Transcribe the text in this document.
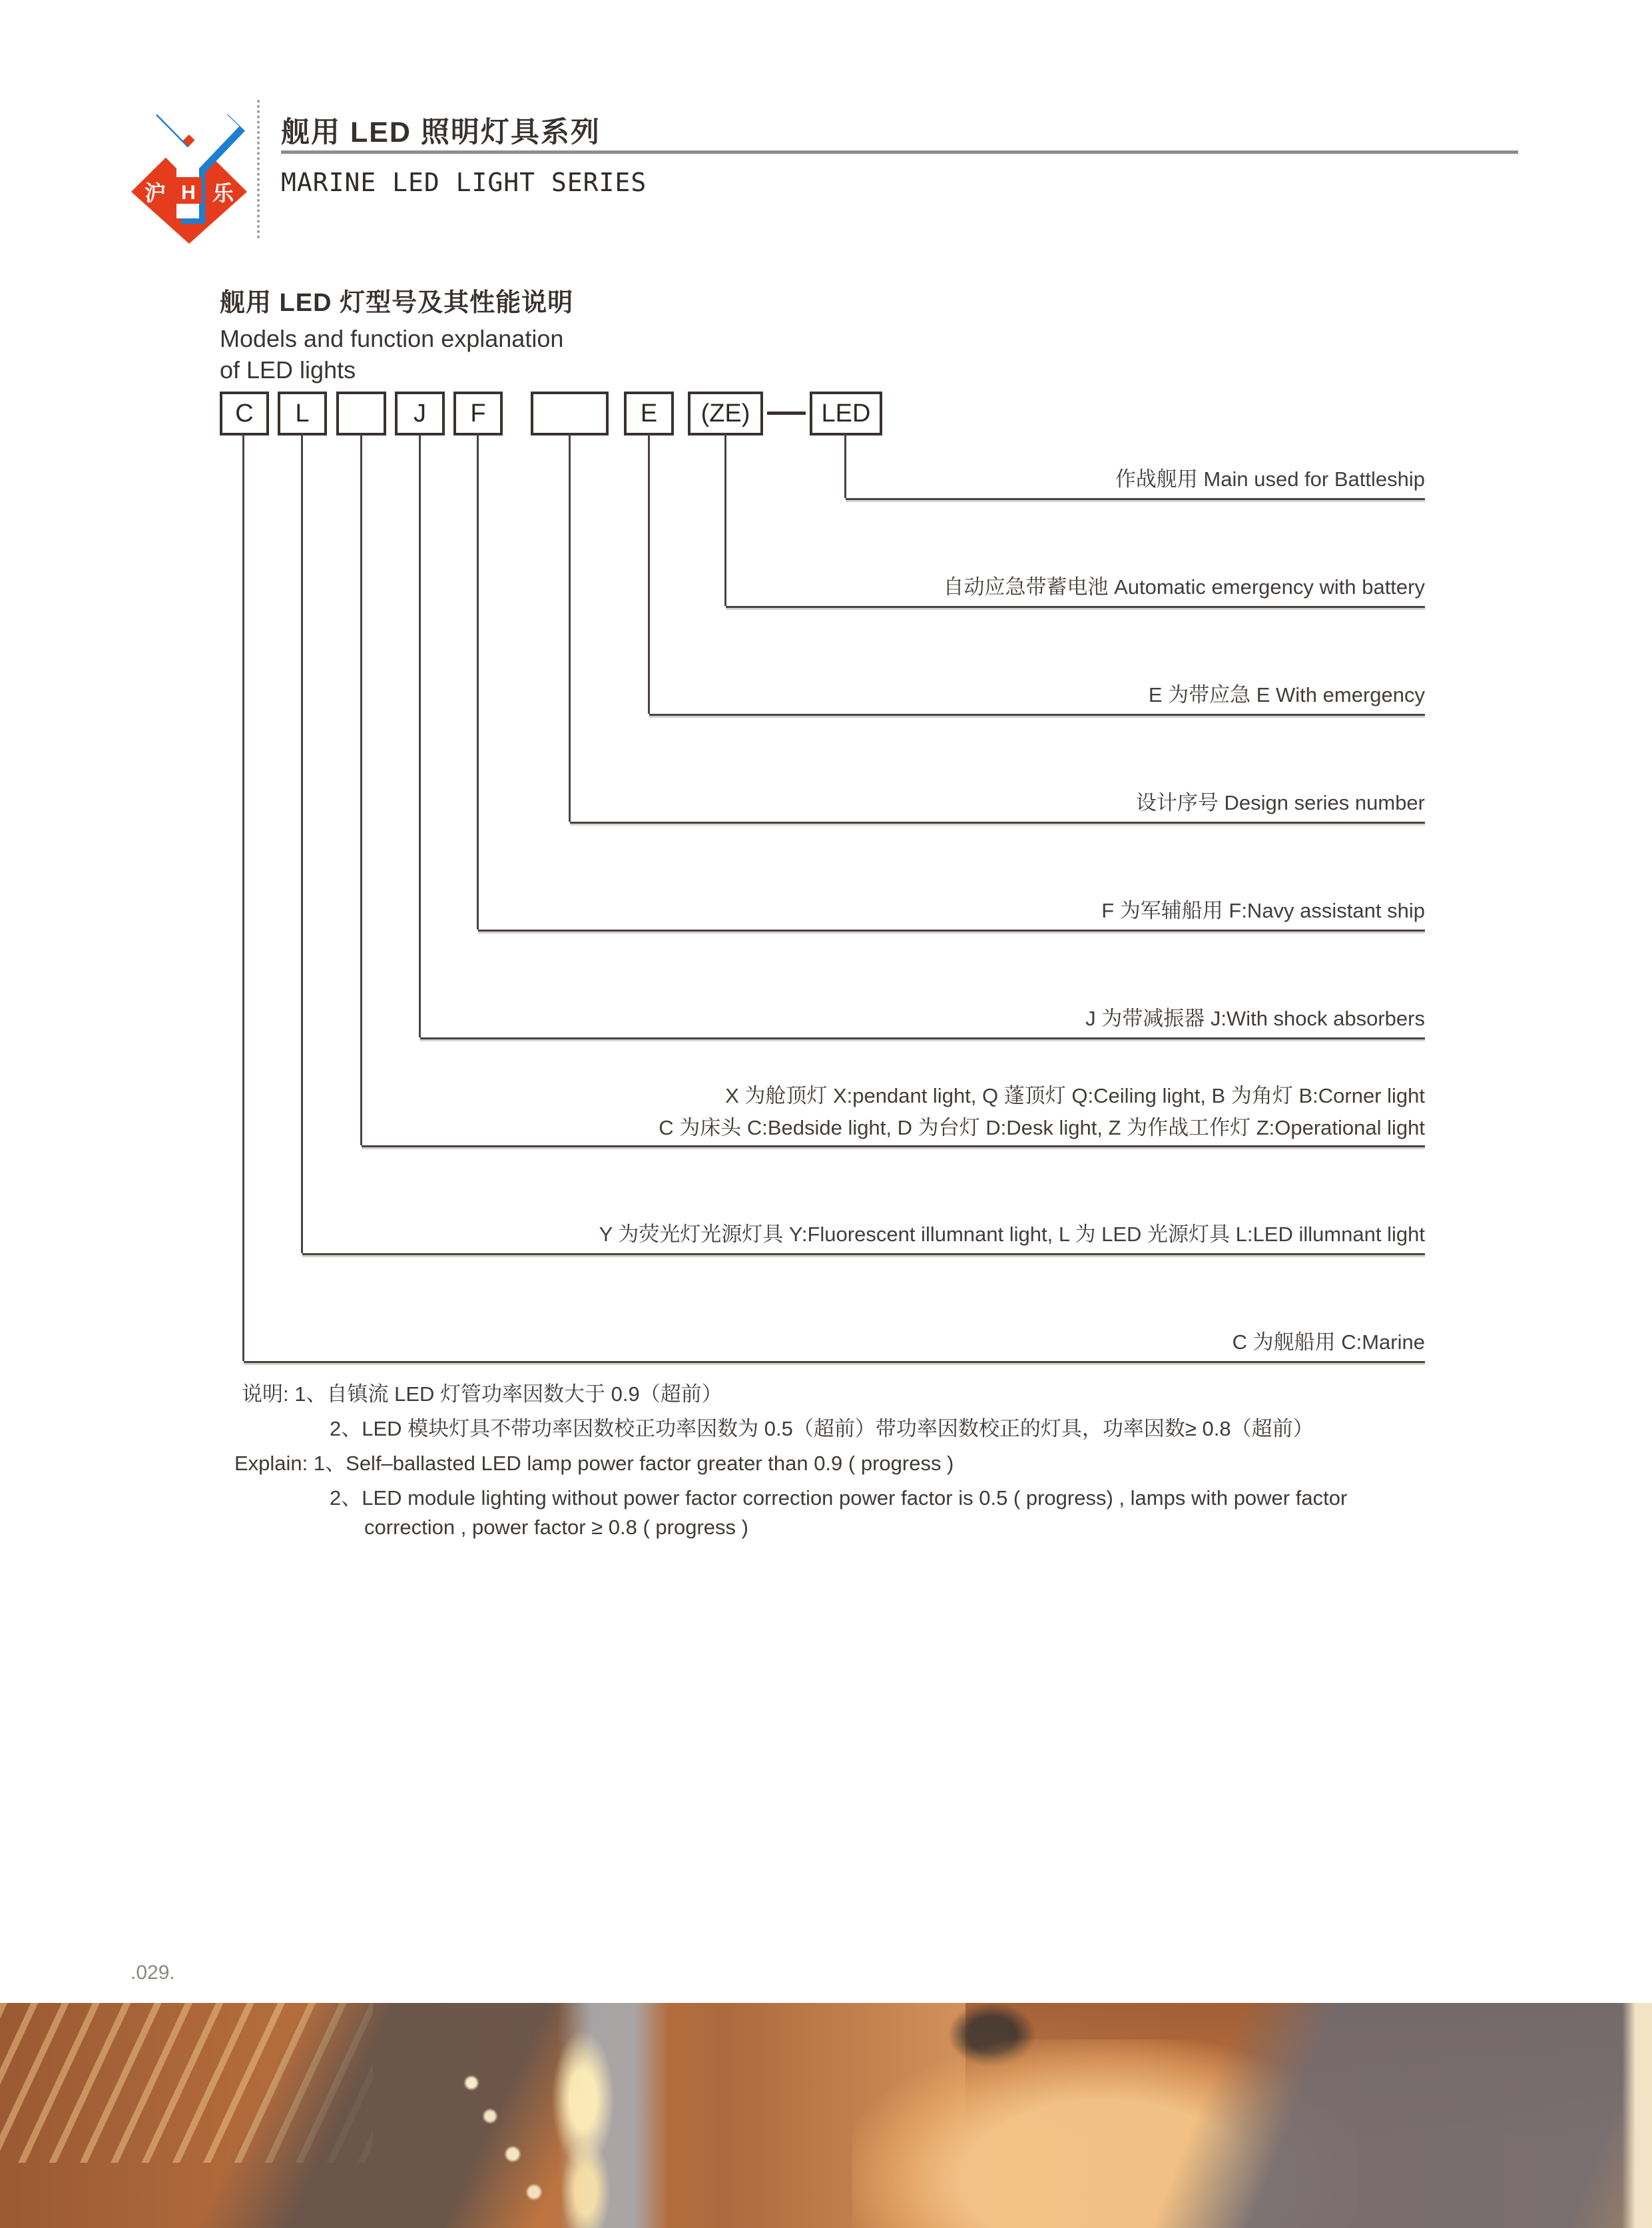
沪 H 乐
舰用 LED 照明灯具系列
MARINE LED LIGHT SERIES
舰用 LED 灯型号及其性能说明
Models and function explanation
of LED lights
C	L	J	F	E	(ZE)	LED
作战舰用 Main used for Battleship
自动应急带蓄电池 Automatic emergency with battery
E 为带应急 E With emergency
设计序号 Design series number
F 为军辅船用 F:Navy assistant ship
J 为带减振器 J:With shock absorbers
X 为舱顶灯 X:pendant light, Q 蓬顶灯 Q:Ceiling light, B 为角灯 B:Corner light
C 为床头 C:Bedside light, D 为台灯 D:Desk light, Z 为作战工作灯 Z:Operational light
Y 为荧光灯光源灯具 Y:Fluorescent illumnant light, L 为 LED 光源灯具 L:LED illumnant light
C 为舰船用 C:Marine
说明: 1、自镇流 LED 灯管功率因数大于 0.9（超前）
2、LED 模块灯具不带功率因数校正功率因数为 0.5（超前）带功率因数校正的灯具，功率因数≥ 0.8（超前）
Explain: 1、Self–ballasted LED lamp power factor greater than 0.9 ( progress )
2、LED module lighting without power factor correction power factor is 0.5 ( progress) , lamps with power factor
correction , power factor ≥ 0.8 ( progress )
.029.
